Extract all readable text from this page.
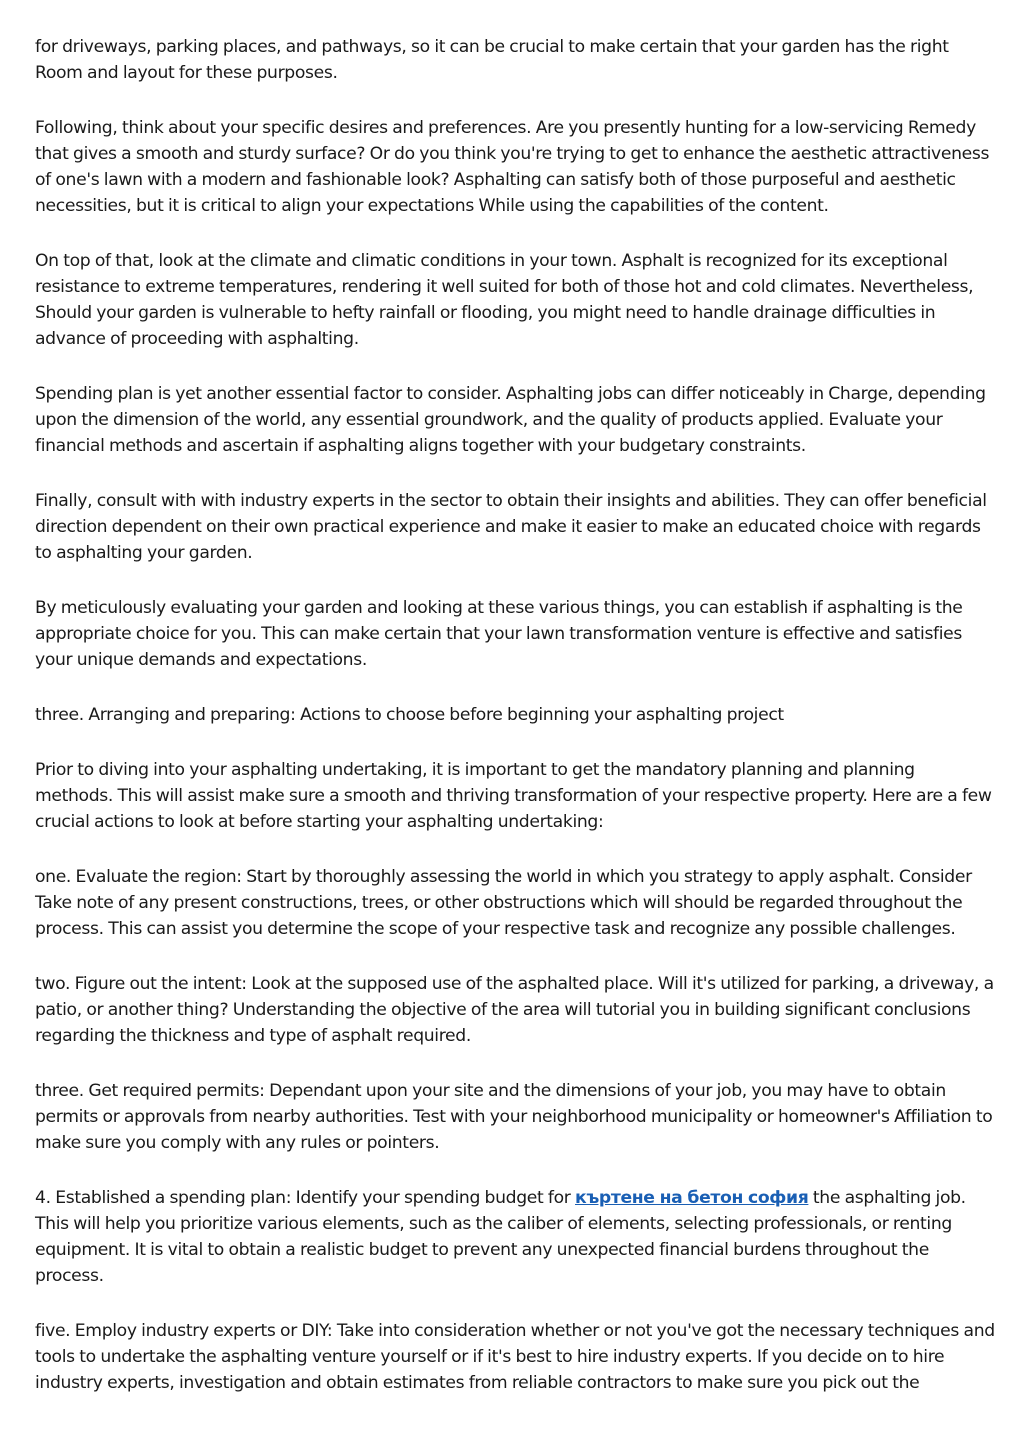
for driveways, parking places, and pathways, so it can be crucial to make certain that your garden has the right Room and layout for these purposes.

Following, think about your specific desires and preferences. Are you presently hunting for a low-servicing Remedy that gives a smooth and sturdy surface? Or do you think you're trying to get to enhance the aesthetic attractiveness of one's lawn with a modern and fashionable look? Asphalting can satisfy both of those purposeful and aesthetic necessities, but it is critical to align your expectations While using the capabilities of the content.

On top of that, look at the climate and climatic conditions in your town. Asphalt is recognized for its exceptional resistance to extreme temperatures, rendering it well suited for both of those hot and cold climates. Nevertheless, Should your garden is vulnerable to hefty rainfall or flooding, you might need to handle drainage difficulties in advance of proceeding with asphalting.

Spending plan is yet another essential factor to consider. Asphalting jobs can differ noticeably in Charge, depending upon the dimension of the world, any essential groundwork, and the quality of products applied. Evaluate your financial methods and ascertain if asphalting aligns together with your budgetary constraints.

Finally, consult with with industry experts in the sector to obtain their insights and abilities. They can offer beneficial direction dependent on their own practical experience and make it easier to make an educated choice with regards to asphalting your garden.

By meticulously evaluating your garden and looking at these various things, you can establish if asphalting is the appropriate choice for you. This can make certain that your lawn transformation venture is effective and satisfies your unique demands and expectations.

three. Arranging and preparing: Actions to choose before beginning your asphalting project

Prior to diving into your asphalting undertaking, it is important to get the mandatory planning and planning methods. This will assist make sure a smooth and thriving transformation of your respective property. Here are a few crucial actions to look at before starting your asphalting undertaking:

one. Evaluate the region: Start by thoroughly assessing the world in which you strategy to apply asphalt. Consider Take note of any present constructions, trees, or other obstructions which will should be regarded throughout the process. This can assist you determine the scope of your respective task and recognize any possible challenges.

two. Figure out the intent: Look at the supposed use of the asphalted place. Will it's utilized for parking, a driveway, a patio, or another thing? Understanding the objective of the area will tutorial you in building significant conclusions regarding the thickness and type of asphalt required.

three. Get required permits: Dependant upon your site and the dimensions of your job, you may have to obtain permits or approvals from nearby authorities. Test with your neighborhood municipality or homeowner's Affiliation to make sure you comply with any rules or pointers.

4. Established a spending plan: Identify your spending budget for къртене на бетон софия the asphalting job. This will help you prioritize various elements, such as the caliber of elements, selecting professionals, or renting equipment. It is vital to obtain a realistic budget to prevent any unexpected financial burdens throughout the process.

five. Employ industry experts or DIY: Take into consideration whether or not you've got the necessary techniques and tools to undertake the asphalting venture yourself or if it's best to hire industry experts. If you decide on to hire industry experts, investigation and obtain estimates from reliable contractors to make sure you pick out the
